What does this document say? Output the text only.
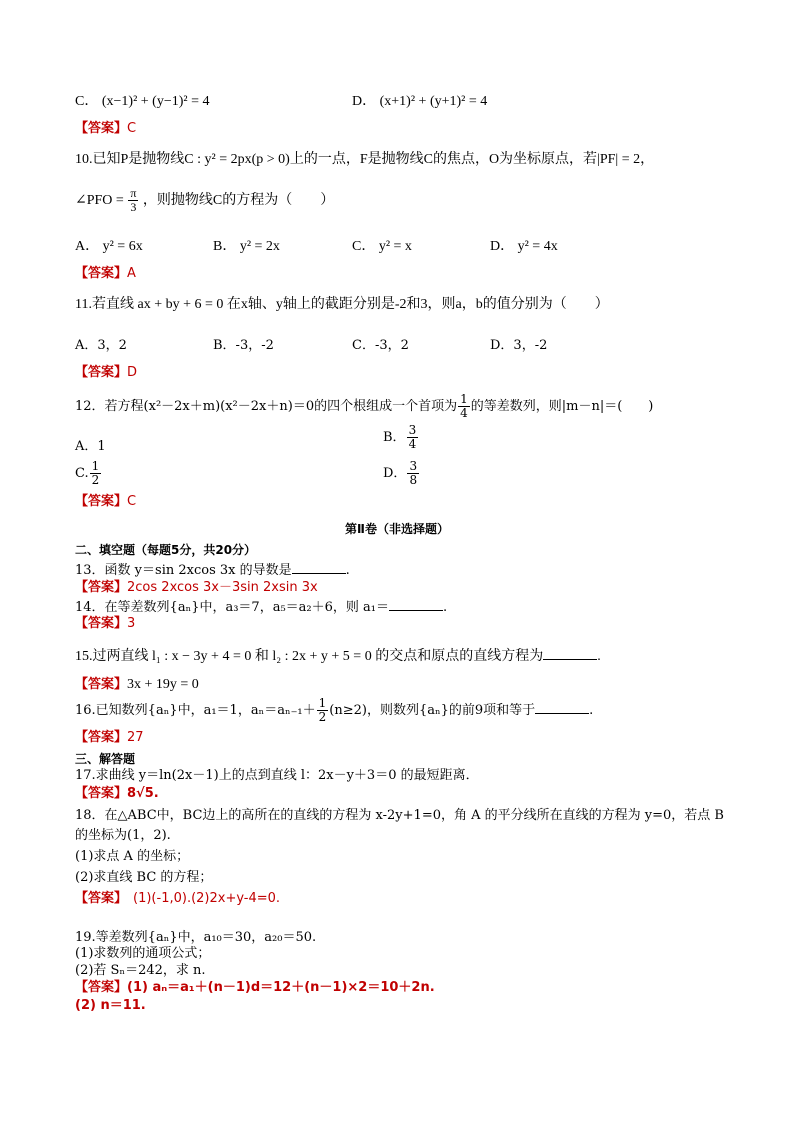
C． (x−1)² + (y−1)² = 4	D． (x+1)² + (y+1)² = 4
【答案】C
10.已知P是抛物线C : y² = 2px(p > 0)上的一点，F是抛物线C的焦点，O为坐标原点，若|PF| = 2，
∠PFO = $\frac{\pi}{3}$ ，则抛物线C的方程为（　　）
A． y² = 6x	B． y² = 2x	C． y² = x	D． y² = 4x
【答案】A
11.若直线 ax + by + 6 = 0 在x轴、y轴上的截距分别是-2和3，则a，b的值分别为（　　）
A．3，2	B．-3，-2	C．-3，2	D．3，-2
【答案】D
12．若方程(x²－2x＋m)(x²－2x＋n)＝0的四个根组成一个首项为 $\frac{1}{4}$ 的等差数列，则|m－n|＝(　　)
A．1
B． $\frac{3}{4}$
C. $\frac{1}{2}$	D． $\frac{3}{8}$
【答案】C
第Ⅱ卷（非选择题）
二、填空题（每题5分，共20分）
13．函数 y＝sin 2xcos 3x 的导数是	.
【答案】2cos 2xcos 3x－3sin 2xsin 3x
14．在等差数列{aₙ}中，a₃＝7，a₅＝a₂＋6，则 a₁＝	.
【答案】3
15.过两直线 l₁ : x − 3y + 4 = 0 和 l₂ : 2x + y + 5 = 0 的交点和原点的直线方程为	.
【答案】3x + 19y = 0
16.已知数列{aₙ}中，a₁＝1，$a_n=a_{n-1}+ \frac{1}{2} (n\ge 2)$，则数列{aₙ}的前9项和等于	.
【答案】27
三、解答题
17.求曲线 y＝ln(2x－1)上的点到直线 l：2x－y＋3＝0 的最短距离．
【答案】8√5.
18．在△ABC中，BC边上的高所在的直线的方程为 x-2y+1=0，角 A 的平分线所在直线的方程为 y=0，若点 B
的坐标为(1，2).
(1)求点 A 的坐标；
(2)求直线 BC 的方程；
【答案】 (1)(-1,0).(2)2x+y-4=0.
19.等差数列{aₙ}中，a₁₀＝30，a₂₀＝50.
(1)求数列的通项公式；
(2)若 Sₙ＝242，求 n.
【答案】(1) aₙ＝a₁＋(n－1)d＝12＋(n－1)×2＝10＋2n.
(2) n＝11.
